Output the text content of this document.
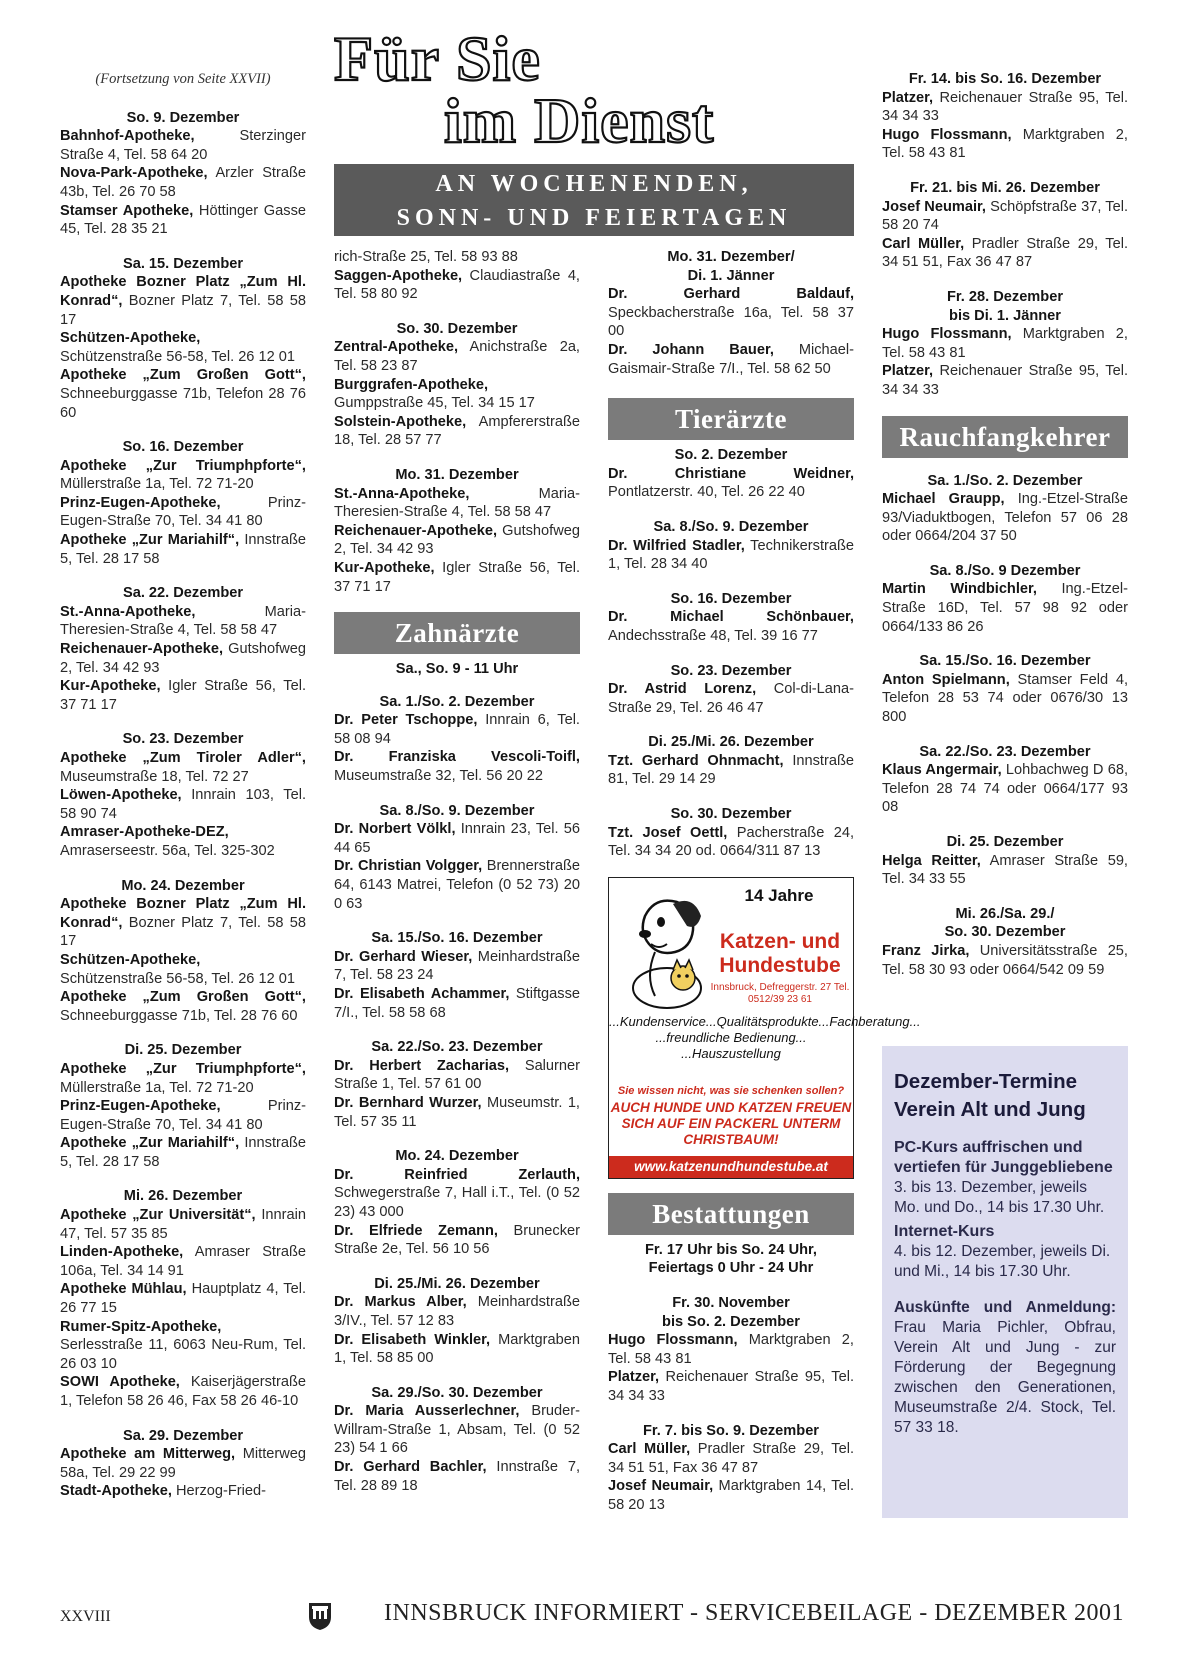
Für Sie
im Dienst
AN WOCHENENDEN,
SONN- UND FEIERTAGEN

(Fortsetzung von Seite XXVII)

So. 9. Dezember

Bahnhof-Apotheke, Sterzinger Straße 4, Tel. 58 64 20

Nova-Park-Apotheke, Arzler Straße 43b, Tel. 26 70 58

Stamser Apotheke, Höttinger Gasse 45, Tel. 28 35 21

Sa. 15. Dezember

Apotheke Bozner Platz „Zum Hl. Konrad“, Bozner Platz 7, Tel. 58 58 17

Schützen-Apotheke, Schützenstraße 56-58, Tel. 26 12 01

Apotheke „Zum Großen Gott“, Schneeburggasse 71b, Telefon 28 76 60

So. 16. Dezember

Apotheke „Zur Triumphpforte“, Müllerstraße 1a, Tel. 72 71-20

Prinz-Eugen-Apotheke, Prinz-Eugen-Straße 70, Tel. 34 41 80

Apotheke „Zur Mariahilf“, Innstraße 5, Tel. 28 17 58

Sa. 22. Dezember

St.-Anna-Apotheke, Maria-Theresien-Straße 4, Tel. 58 58 47

Reichenauer-Apotheke, Gutshofweg 2, Tel. 34 42 93

Kur-Apotheke, Igler Straße 56, Tel. 37 71 17

So. 23. Dezember

Apotheke „Zum Tiroler Adler“, Museumstraße 18, Tel. 72 27

Löwen-Apotheke, Innrain 103, Tel. 58 90 74

Amraser-Apotheke-DEZ, Amraserseestr. 56a, Tel. 325-302

Mo. 24. Dezember

Apotheke Bozner Platz „Zum Hl. Konrad“, Bozner Platz 7, Tel. 58 58 17

Schützen-Apotheke, Schützenstraße 56-58, Tel. 26 12 01

Apotheke „Zum Großen Gott“, Schneeburggasse 71b, Tel. 28 76 60

Di. 25. Dezember

Apotheke „Zur Triumphpforte“, Müllerstraße 1a, Tel. 72 71-20

Prinz-Eugen-Apotheke, Prinz-Eugen-Straße 70, Tel. 34 41 80

Apotheke „Zur Mariahilf“, Innstraße 5, Tel. 28 17 58

Mi. 26. Dezember

Apotheke „Zur Universität“, Innrain 47, Tel. 57 35 85

Linden-Apotheke, Amraser Straße 106a, Tel. 34 14 91

Apotheke Mühlau, Hauptplatz 4, Tel. 26 77 15

Rumer-Spitz-Apotheke, Serlesstraße 11, 6063 Neu-Rum, Tel. 26 03 10

SOWI Apotheke, Kaiserjägerstraße 1, Telefon 58 26 46, Fax 58 26 46-10

Sa. 29. Dezember

Apotheke am Mitterweg, Mitterweg 58a, Tel. 29 22 99

Stadt-Apotheke, Herzog-Fried-

rich-Straße 25, Tel. 58 93 88

Saggen-Apotheke, Claudiastraße 4, Tel. 58 80 92

So. 30. Dezember

Zentral-Apotheke, Anichstraße 2a, Tel. 58 23 87

Burggrafen-Apotheke, Gumppstraße 45, Tel. 34 15 17

Solstein-Apotheke, Ampfererstraße 18, Tel. 28 57 77

Mo. 31. Dezember

St.-Anna-Apotheke, Maria-Theresien-Straße 4, Tel. 58 58 47

Reichenauer-Apotheke, Gutshofweg 2, Tel. 34 42 93

Kur-Apotheke, Igler Straße 56, Tel. 37 71 17

Zahnärzte

Sa., So. 9 - 11 Uhr

Sa. 1./So. 2. Dezember

Dr. Peter Tschoppe, Innrain 6, Tel. 58 08 94

Dr. Franziska Vescoli-Toifl, Museumstraße 32, Tel. 56 20 22

Sa. 8./So. 9. Dezember

Dr. Norbert Völkl, Innrain 23, Tel. 56 44 65

Dr. Christian Volgger, Brennerstraße 64, 6143 Matrei, Telefon (0 52 73) 20 0 63

Sa. 15./So. 16. Dezember

Dr. Gerhard Wieser, Meinhardstraße 7, Tel. 58 23 24

Dr. Elisabeth Achammer, Stiftgasse 7/I., Tel. 58 58 68

Sa. 22./So. 23. Dezember

Dr. Herbert Zacharias, Salurner Straße 1, Tel. 57 61 00

Dr. Bernhard Wurzer, Museumstr. 1, Tel. 57 35 11

Mo. 24. Dezember

Dr. Reinfried Zerlauth, Schwegerstraße 7, Hall i.T., Tel. (0 52 23) 43 000

Dr. Elfriede Zemann, Brunecker Straße 2e, Tel. 56 10 56

Di. 25./Mi. 26. Dezember

Dr. Markus Alber, Meinhardstraße 3/IV., Tel. 57 12 83

Dr. Elisabeth Winkler, Marktgraben 1, Tel. 58 85 00

Sa. 29./So. 30. Dezember

Dr. Maria Ausserlechner, Bruder-Willram-Straße 1, Absam, Tel. (0 52 23) 54 1 66

Dr. Gerhard Bachler, Innstraße 7, Tel. 28 89 18

Mo. 31. Dezember/

Di. 1. Jänner

Dr. Gerhard Baldauf, Speckbacherstraße 16a, Tel. 58 37 00

Dr. Johann Bauer, Michael-Gaismair-Straße 7/I., Tel. 58 62 50

Tierärzte

So. 2. Dezember

Dr. Christiane Weidner, Pontlatzerstr. 40, Tel. 26 22 40

Sa. 8./So. 9. Dezember

Dr. Wilfried Stadler, Technikerstraße 1, Tel. 28 34 40

So. 16. Dezember

Dr. Michael Schönbauer, Andechsstraße 48, Tel. 39 16 77

So. 23. Dezember

Dr. Astrid Lorenz, Col-di-Lana-Straße 29, Tel. 26 46 47

Di. 25./Mi. 26. Dezember

Tzt. Gerhard Ohnmacht, Innstraße 81, Tel. 29 14 29

So. 30. Dezember

Tzt. Josef Oettl, Pacherstraße 24, Tel. 34 34 20 od. 0664/311 87 13

14 Jahre
Katzen- und Hundestube
Innsbruck, Defreggerstr. 27 Tel. 0512/39 23 61
...Kundenservice...Qualitätsprodukte...Fachberatung... ...freundliche Bedienung... ...Hauszustellung
Sie wissen nicht, was sie schenken sollen?
AUCH HUNDE UND KATZEN FREUEN SICH AUF EIN PACKERL UNTERM CHRISTBAUM!
www.katzenundhundestube.at
Bestattungen

Fr. 17 Uhr bis So. 24 Uhr,

Feiertags 0 Uhr - 24 Uhr

Fr. 30. November

bis So. 2. Dezember

Hugo Flossmann, Marktgraben 2, Tel. 58 43 81

Platzer, Reichenauer Straße 95, Tel. 34 34 33

Fr. 7. bis So. 9. Dezember

Carl Müller, Pradler Straße 29, Tel. 34 51 51, Fax 36 47 87

Josef Neumair, Marktgraben 14, Tel. 58 20 13

Fr. 14. bis So. 16. Dezember

Platzer, Reichenauer Straße 95, Tel. 34 34 33

Hugo Flossmann, Marktgraben 2, Tel. 58 43 81

Fr. 21. bis Mi. 26. Dezember

Josef Neumair, Schöpfstraße 37, Tel. 58 20 74

Carl Müller, Pradler Straße 29, Tel. 34 51 51, Fax 36 47 87

Fr. 28. Dezember

bis Di. 1. Jänner

Hugo Flossmann, Marktgraben 2, Tel. 58 43 81

Platzer, Reichenauer Straße 95, Tel. 34 34 33

Rauchfangkehrer

Sa. 1./So. 2. Dezember

Michael Graupp, Ing.-Etzel-Straße 93/Viaduktbogen, Telefon 57 06 28 oder 0664/204 37 50

Sa. 8./So. 9 Dezember

Martin Windbichler, Ing.-Etzel-Straße 16D, Tel. 57 98 92 oder 0664/133 86 26

Sa. 15./So. 16. Dezember

Anton Spielmann, Stamser Feld 4, Telefon 28 53 74 oder 0676/30 13 800

Sa. 22./So. 23. Dezember

Klaus Angermair, Lohbachweg D 68, Telefon 28 74 74 oder 0664/177 93 08

Di. 25. Dezember

Helga Reitter, Amraser Straße 59, Tel. 34 33 55

Mi. 26./Sa. 29./

So. 30. Dezember

Franz Jirka, Universitätsstraße 25, Tel. 58 30 93 oder 0664/542 09 59

Dezember-Termine Verein Alt und Jung
PC-Kurs auffrischen und vertiefen für Junggebliebene
3. bis 13. Dezember, jeweils Mo. und Do., 14 bis 17.30 Uhr.
Internet-Kurs
4. bis 12. Dezember, jeweils Di. und Mi., 14 bis 17.30 Uhr.

Auskünfte und Anmeldung: Frau Maria Pichler, Obfrau, Verein Alt und Jung - zur Förderung der Begegnung zwischen den Generationen, Museumstraße 2/4. Stock, Tel. 57 33 18.

XXVIII	INNSBRUCK INFORMIERT - SERVICEBEILAGE - DEZEMBER 2001
